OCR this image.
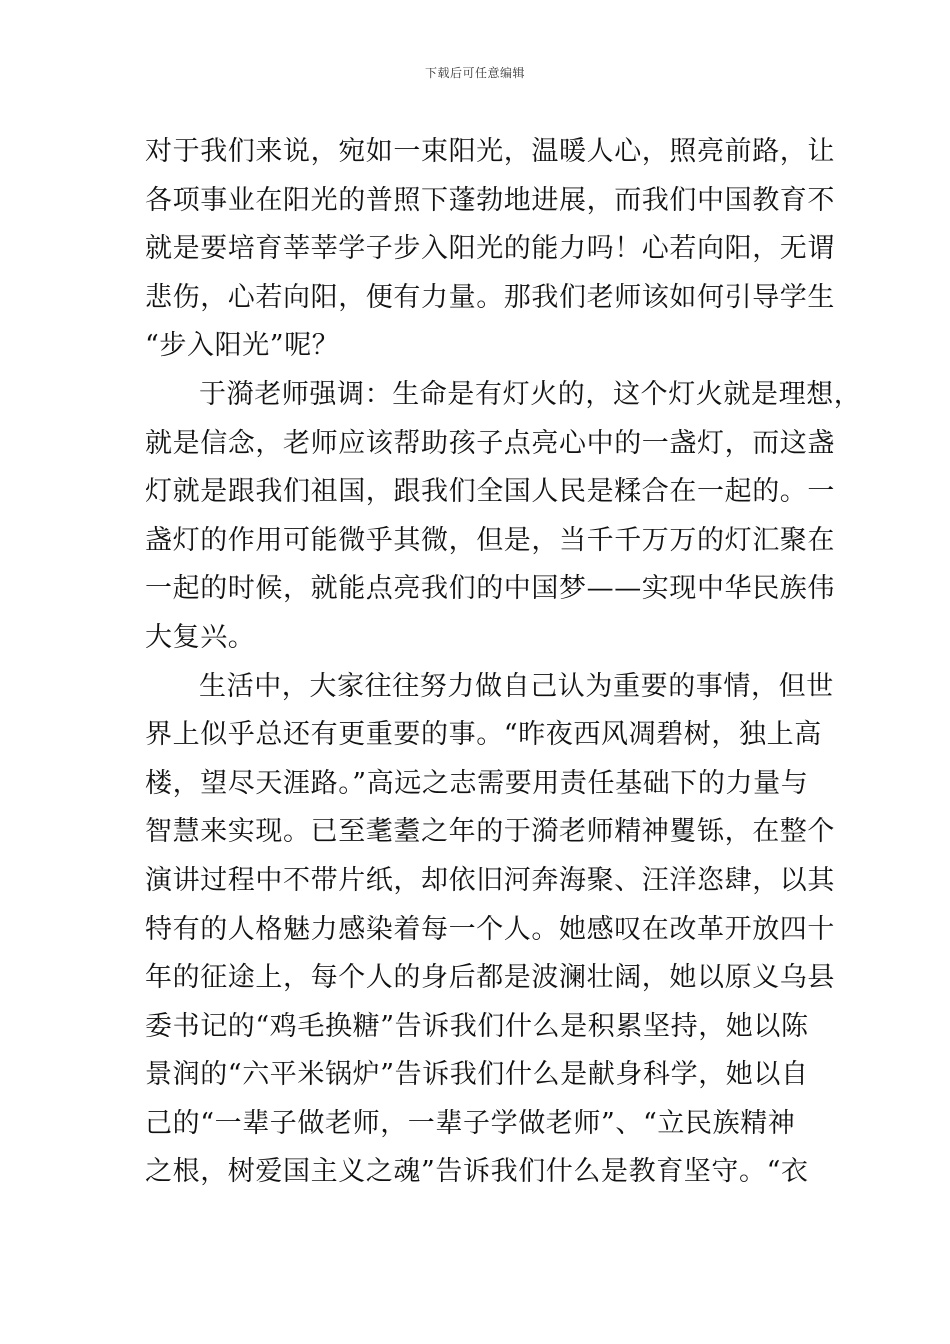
下载后可任意编辑
对于我们来说，宛如一束阳光，温暖人心，照亮前路，让
各项事业在阳光的普照下蓬勃地进展，而我们中国教育不
就是要培育莘莘学子步入阳光的能力吗！心若向阳，无谓
悲伤，心若向阳，便有力量。那我们老师该如何引导学生
“步入阳光”呢？
于漪老师强调：生命是有灯火的，这个灯火就是理想，
就是信念，老师应该帮助孩子点亮心中的一盏灯，而这盏
灯就是跟我们祖国，跟我们全国人民是糅合在一起的。一
盏灯的作用可能微乎其微，但是，当千千万万的灯汇聚在
一起的时候，就能点亮我们的中国梦——实现中华民族伟
大复兴。
生活中，大家往往努力做自己认为重要的事情，但世
界上似乎总还有更重要的事。“昨夜西风凋碧树，独上高
楼，望尽天涯路。”高远之志需要用责任基础下的力量与
智慧来实现。已至耄耋之年的于漪老师精神矍铄，在整个
演讲过程中不带片纸，却依旧河奔海聚、汪洋恣肆，以其
特有的人格魅力感染着每一个人。她感叹在改革开放四十
年的征途上，每个人的身后都是波澜壮阔，她以原义乌县
委书记的“鸡毛换糖”告诉我们什么是积累坚持，她以陈
景润的“六平米锅炉”告诉我们什么是献身科学，她以自
己的“一辈子做老师，一辈子学做老师”、“立民族精神
之根，树爱国主义之魂”告诉我们什么是教育坚守。“衣
